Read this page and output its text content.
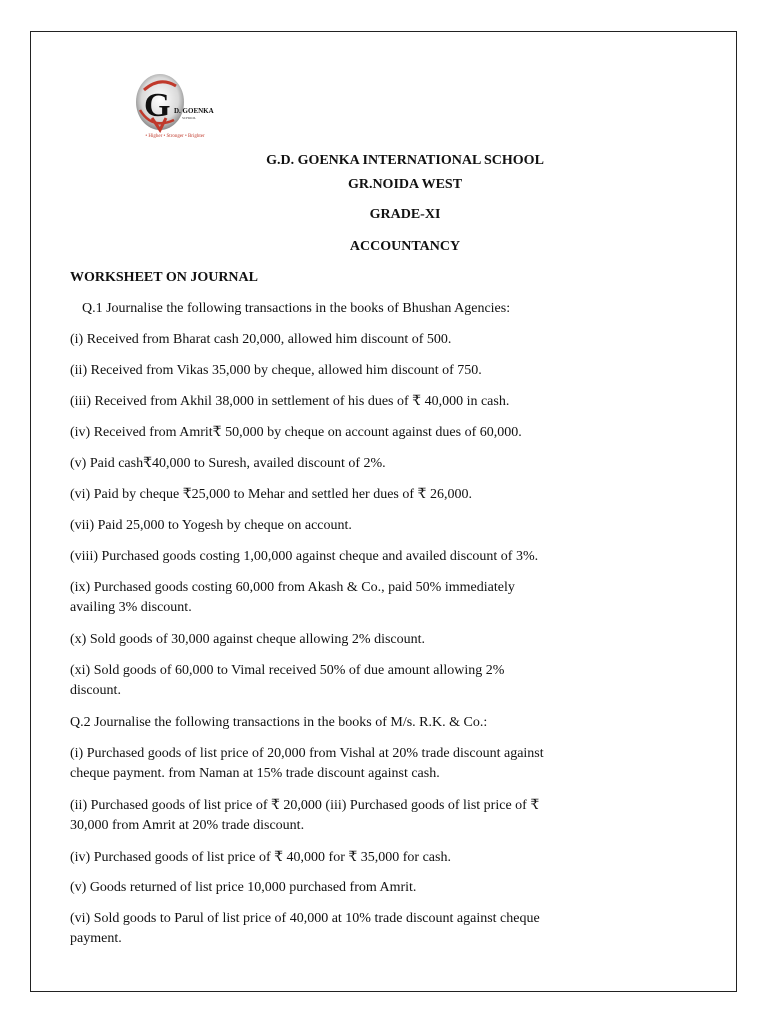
G D. GOENKA
SCHOOL
• Higher • Stronger • Brighter
G.D. GOENKA INTERNATIONAL SCHOOL
GR.NOIDA WEST
GRADE-XI
ACCOUNTANCY
WORKSHEET ON JOURNAL
Q.1 Journalise the following transactions in the books of Bhushan Agencies:
(i) Received from Bharat cash 20,000, allowed him discount of 500.
(ii) Received from Vikas 35,000 by cheque, allowed him discount of 750.
(iii) Received from Akhil 38,000 in settlement of his dues of ₹ 40,000 in cash.
(iv) Received from Amrit₹ 50,000 by cheque on account against dues of 60,000.
(v) Paid cash₹40,000 to Suresh, availed discount of 2%.
(vi) Paid by cheque ₹25,000 to Mehar and settled her dues of ₹ 26,000.
(vii) Paid 25,000 to Yogesh by cheque on account.
(viii) Purchased goods costing 1,00,000 against cheque and availed discount of 3%.
(ix) Purchased goods costing 60,000 from Akash & Co., paid 50% immediately availing 3% discount.
(x) Sold goods of 30,000 against cheque allowing 2% discount.
(xi) Sold goods of 60,000 to Vimal received 50% of due amount allowing 2% discount.
Q.2 Journalise the following transactions in the books of M/s. R.K. & Co.:
(i) Purchased goods of list price of 20,000 from Vishal at 20% trade discount against cheque payment. from Naman at 15% trade discount against cash.
(ii) Purchased goods of list price of ₹ 20,000 (iii) Purchased goods of list price of ₹ 30,000 from Amrit at 20% trade discount.
(iv) Purchased goods of list price of ₹ 40,000 for ₹ 35,000 for cash.
(v) Goods returned of list price 10,000 purchased from Amrit.
(vi) Sold goods to Parul of list price of 40,000 at 10% trade discount against cheque payment.
